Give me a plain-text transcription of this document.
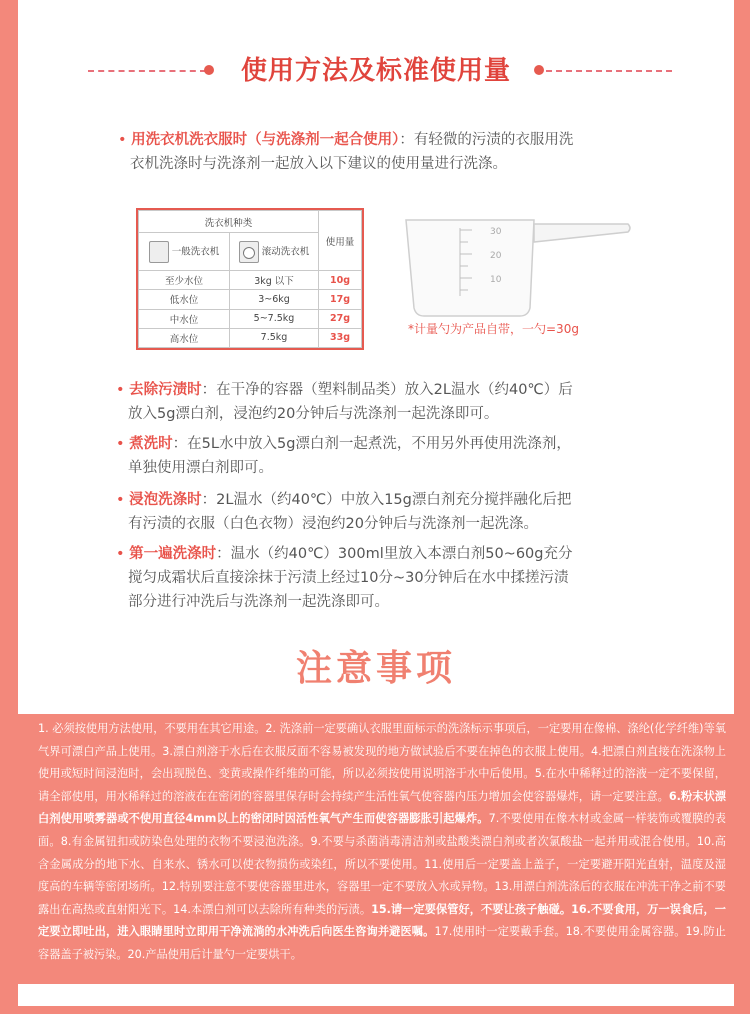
使用方法及标准使用量
• 用洗衣机洗衣服时（与洗涤剂一起合使用）：有轻微的污渍的衣服用洗
衣机洗涤时与洗涤剂一起放入以下建议的使用量进行洗涤。
洗衣机种类		使用量
一般洗衣机	滚动洗衣机	
至少水位	3kg 以下	10g
低水位	3~6kg	17g
中水位	5~7.5kg	27g
高水位	7.5kg	33g
30
20
10
*计量勺为产品自带，一勺=30g
• 去除污渍时：在干净的容器（塑料制品类）放入2L温水（约40℃）后
放入5g漂白剂，浸泡约20分钟后与洗涤剂一起洗涤即可。
• 煮洗时：在5L水中放入5g漂白剂一起煮洗，不用另外再使用洗涤剂，
单独使用漂白剂即可。
• 浸泡洗涤时：2L温水（约40℃）中放入15g漂白剂充分搅拌融化后把
有污渍的衣服（白色衣物）浸泡约20分钟后与洗涤剂一起洗涤。
• 第一遍洗涤时：温水（约40℃）300ml里放入本漂白剂50~60g充分
搅匀成霜状后直接涂抹于污渍上经过10分~30分钟后在水中揉搓污渍
部分进行冲洗后与洗涤剂一起洗涤即可。
注意事项
1. 必须按使用方法使用，不要用在其它用途。2. 洗涤前一定要确认衣服里面标示的洗涤标示事项后，一定要用在像棉、涤纶(化学纤维)等氧气界可漂白产品上使用。3.漂白剂溶于水后在衣服反面不容易被发现的地方做试验后不要在掉色的衣服上使用。4.把漂白剂直接在洗涤物上使用或短时间浸泡时，会出现脱色、变黄或操作纤维的可能，所以必须按使用说明溶于水中后使用。5.在水中稀释过的溶液一定不要保留，请全部使用，用水稀释过的溶液在在密闭的容器里保存时会持续产生活性氧气使容器内压力增加会使容器爆炸，请一定要注意。6.粉末状漂白剂使用喷雾器或不使用直径4mm以上的密闭时因活性氧气产生而使容器膨胀引起爆炸。7.不要使用在像木材或金属一样装饰或覆膜的表面。8.有金属钮扣或防染色处理的衣物不要浸泡洗涤。9.不要与杀菌消毒清洁剂或盐酸类漂白剂或者次氯酸盐一起并用或混合使用。10.高含金属成分的地下水、自来水、锈水可以使衣物损伤或染红，所以不要使用。11.使用后一定要盖上盖子，一定要避开阳光直射，温度及湿度高的车辆等密闭场所。12.特别要注意不要使容器里进水，容器里一定不要放入水或异物。13.用漂白剂洗涤后的衣服在冲洗干净之前不要露出在高热或直射阳光下。14.本漂白剂可以去除所有种类的污渍。15.请一定要保管好，不要让孩子触碰。16.不要食用，万一误食后，一定要立即吐出，进入眼睛里时立即用干净流淌的水冲洗后向医生咨询并避医嘱。17.使用时一定要戴手套。18.不要使用金属容器。19.防止容器盖子被污染。20.产品使用后计量勺一定要烘干。
